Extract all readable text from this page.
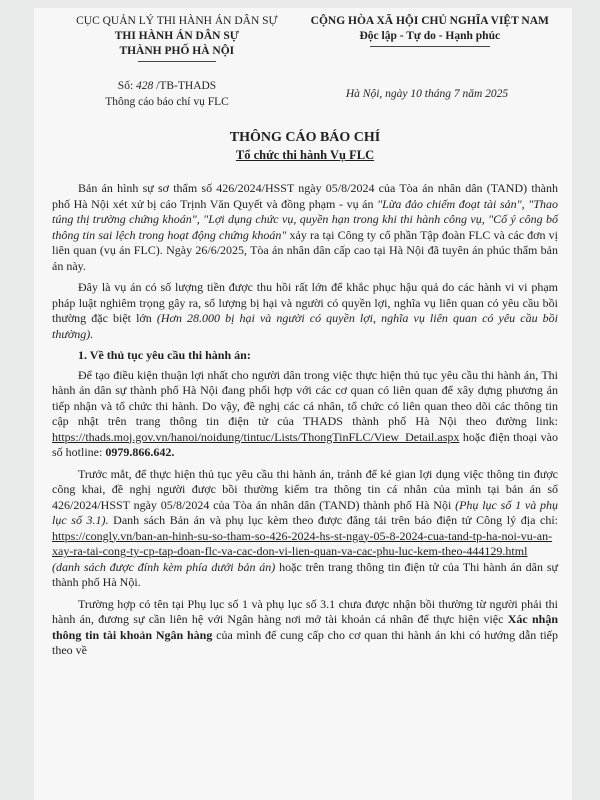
CỤC QUẢN LÝ THI HÀNH ÁN DÂN SỰ
THI HÀNH ÁN DÂN SỰ
THÀNH PHỐ HÀ NỘI
CỘNG HÒA XÃ HỘI CHỦ NGHĨA VIỆT NAM
Độc lập - Tự do - Hạnh phúc
Số: 428 /TB-THADS
Thông cáo báo chí vụ FLC
Hà Nội, ngày 10 tháng 7 năm 2025
THÔNG CÁO BÁO CHÍ
Tổ chức thi hành Vụ FLC

Bản án hình sự sơ thẩm số 426/2024/HSST ngày 05/8/2024 của Tòa án nhân dân (TAND) thành phố Hà Nội xét xử bị cáo Trịnh Văn Quyết và đồng phạm - vụ án "Lừa đảo chiếm đoạt tài sản", "Thao túng thị trường chứng khoán", "Lợi dụng chức vụ, quyền hạn trong khi thi hành công vụ, "Cố ý công bố thông tin sai lệch trong hoạt động chứng khoán" xảy ra tại Công ty cổ phần Tập đoàn FLC và các đơn vị liên quan (vụ án FLC). Ngày 26/6/2025, Tòa án nhân dân cấp cao tại Hà Nội đã tuyên án phúc thẩm bản án này.

Đây là vụ án có số lượng tiền được thu hồi rất lớn để khắc phục hậu quả do các hành vi vi phạm pháp luật nghiêm trọng gây ra, số lượng bị hại và người có quyền lợi, nghĩa vụ liên quan có yêu cầu bồi thường đặc biệt lớn (Hơn 28.000 bị hại và người có quyền lợi, nghĩa vụ liên quan có yêu cầu bồi thường).

1. Về thủ tục yêu cầu thi hành án:

Để tạo điều kiện thuận lợi nhất cho người dân trong việc thực hiện thủ tục yêu cầu thi hành án, Thi hành án dân sự thành phố Hà Nội đang phối hợp với các cơ quan có liên quan để xây dựng phương án tiếp nhận và tổ chức thi hành. Do vậy, đề nghị các cá nhân, tổ chức có liên quan theo dõi các thông tin cập nhật trên trang thông tin điện tử của THADS thành phố Hà Nội theo đường link: https://thads.moj.gov.vn/hanoi/noidung/tintuc/Lists/ThongTinFLC/View_Detail.aspx hoặc điện thoại vào số hotline: 0979.866.642.

Trước mắt, để thực hiện thủ tục yêu cầu thi hành án, tránh để kẻ gian lợi dụng việc thông tin được công khai, đề nghị người được bồi thường kiểm tra thông tin cá nhân của mình tại bản án số 426/2024/HSST ngày 05/8/2024 của Tòa án nhân dân (TAND) thành phố Hà Nội (Phụ lục số 1 và phụ lục số 3.1). Danh sách Bản án và phụ lục kèm theo được đăng tải trên báo điện tử Công lý địa chỉ: https://congly.vn/ban-an-hinh-su-so-tham-so-426-2024-hs-st-ngay-05-8-2024-cua-tand-tp-ha-noi-vu-an-xay-ra-tai-cong-ty-cp-tap-doan-flc-va-cac-don-vi-lien-quan-va-cac-phu-luc-kem-theo-444129.html (danh sách được đính kèm phía dưới bản án) hoặc trên trang thông tin điện tử của Thi hành án dân sự thành phố Hà Nội.

Trường hợp có tên tại Phụ lục số 1 và phụ lục số 3.1 chưa được nhận bồi thường từ người phải thi hành án, đương sự cần liên hệ với Ngân hàng nơi mở tài khoản cá nhân để thực hiện việc Xác nhận thông tin tài khoản Ngân hàng của mình để cung cấp cho cơ quan thi hành án khi có hướng dẫn tiếp theo về
